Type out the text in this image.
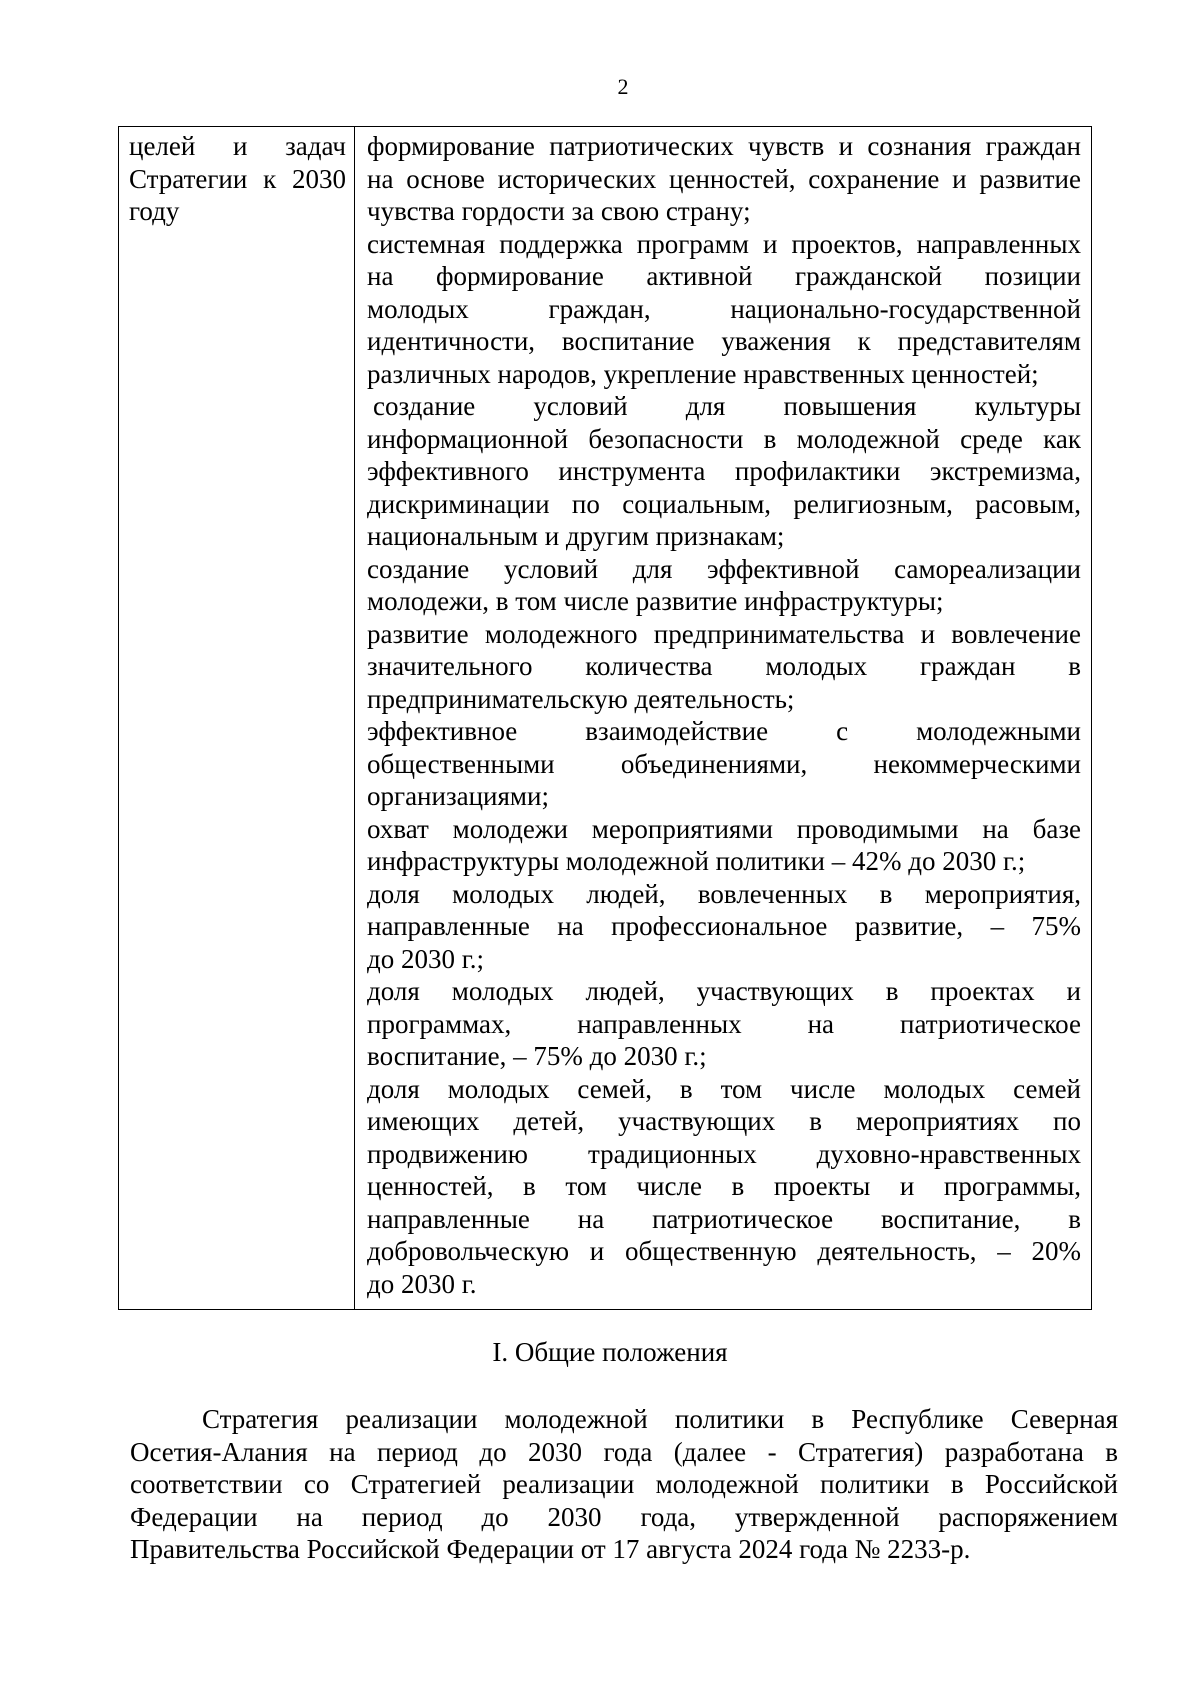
2
целей и задач
Стратегии к 2030
году
формирование патриотических чувств и сознания граждан
на основе исторических ценностей, сохранение и развитие
чувства гордости за свою страну;
системная поддержка программ и проектов, направленных
на формирование активной гражданской позиции
молодых граждан, национально-государственной
идентичности, воспитание уважения к представителям
различных народов, укрепление нравственных ценностей;
создание условий для повышения культуры
информационной безопасности в молодежной среде как
эффективного инструмента профилактики экстремизма,
дискриминации по социальным, религиозным, расовым,
национальным и другим признакам;
создание условий для эффективной самореализации
молодежи, в том числе развитие инфраструктуры;
развитие молодежного предпринимательства и вовлечение
значительного количества молодых граждан в
предпринимательскую деятельность;
эффективное взаимодействие с молодежными
общественными объединениями, некоммерческими
организациями;
охват молодежи мероприятиями проводимыми на базе
инфраструктуры молодежной политики – 42% до 2030 г.;
доля молодых людей, вовлеченных в мероприятия,
направленные на профессиональное развитие, – 75%
до 2030 г.;
доля молодых людей, участвующих в проектах и
программах, направленных на патриотическое
воспитание, – 75% до 2030 г.;
доля молодых семей, в том числе молодых семей
имеющих детей, участвующих в мероприятиях по
продвижению традиционных духовно-нравственных
ценностей, в том числе в проекты и программы,
направленные на патриотическое воспитание, в
добровольческую и общественную деятельность, – 20%
до 2030 г.
I. Общие положения
Стратегия реализации молодежной политики в Республике Северная
Осетия-Алания на период до 2030 года (далее - Стратегия) разработана в
соответствии со Стратегией реализации молодежной политики в Российской
Федерации на период до 2030 года, утвержденной распоряжением
Правительства Российской Федерации от 17 августа 2024 года № 2233-р.
